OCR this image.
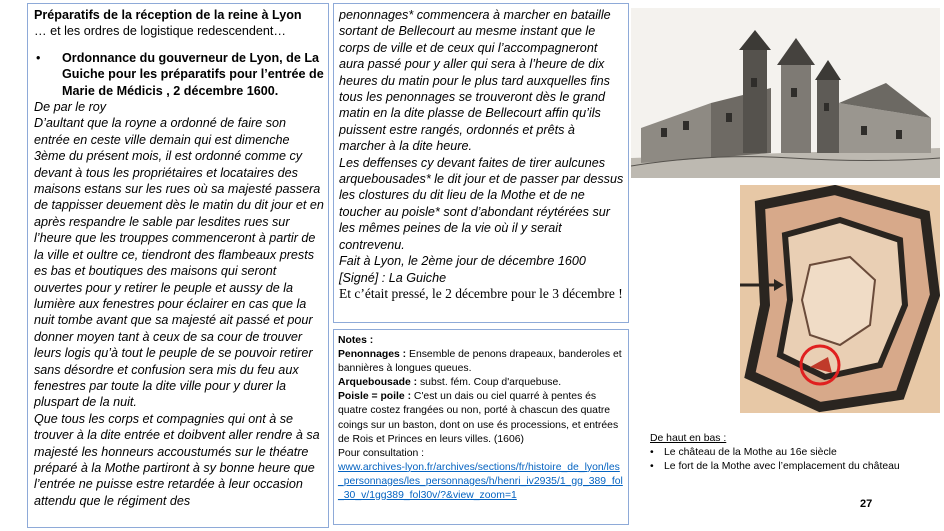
Préparatifs de la réception de la reine à Lyon

… et les ordres de logistique redescendent…

•	Ordonnance du gouverneur de Lyon, de La Guiche pour les préparatifs pour l’entrée de Marie de Médicis , 2 décembre 1600.

De par le roy
D’aultant que la royne a ordonné de faire son entrée en ceste ville demain qui est dimenche 3ème du présent mois, il est ordonné comme cy devant à tous les propriétaires et locataires des maisons estans sur les rues où sa majesté passera de tappisser deuement dès le matin du dit jour et en après respandre le sable par lesdites rues sur l’heure que les trouppes commenceront à partir de la ville et oultre ce, tiendront des flambeaux prests es bas et boutiques des maisons qui seront ouvertes pour y retirer le peuple et aussy de la lumière aux fenestres pour éclairer en cas que la nuit tombe avant que sa majesté ait passé et pour donner moyen tant à ceux de sa cour de trouver leurs logis qu’à tout le peuple de se pouvoir retirer sans désordre et confusion sera mis du feu aux fenestres par toute la dite ville pour y durer la pluspart de la nuit.
Que tous les corps et compagnies qui ont à se trouver à la dite entrée et doibvent aller rendre à sa majesté les honneurs accoustumés sur le théatre préparé à la Mothe partiront à sy bonne heure que l’entrée ne puisse estre retardée à leur occasion attendu que le régiment des

penonnages* commencera à marcher en bataille sortant de Bellecourt au mesme instant que le corps de ville et de ceux qui l’accompagneront aura passé pour y aller qui sera à l’heure de dix heures du matin pour le plus tard auxquelles fins tous les penonnages se trouveront dès le grand matin en la dite plasse de Bellecourt affin qu’ils puissent estre rangés, ordonnés et prêts à marcher à la dite heure.
Les deffenses cy devant faites de tirer aulcunes arquebousades* le dit jour et de passer par dessus les clostures du dit lieu de la Mothe et de ne toucher au poisle* sont d’abondant réytérées sur les mêmes peines de la vie où il y serait contrevenu.
Fait à Lyon, le 2ème jour de décembre 1600
[Signé] : La Guiche

Et c’était pressé, le 2 décembre pour le 3 décembre !

Notes :

Penonnages : Ensemble de penons drapeaux, banderoles et bannières à longues queues.

Arquebousade : subst. fém. Coup d'arquebuse.

Poisle = poile : C'est un dais ou ciel quarré à pentes és quatre costez frangées ou non, porté à chascun des quatre coings sur un baston, dont on use és processions, et entrées de Rois et Princes en leurs villes. (1606)

Pour consultation :

www.archives-lyon.fr/archives/sections/fr/histoire_de_lyon/les_personnages/les_personnages/h/henri_iv2935/1_gg_389_fol_30_v/1gg389_fol30v/?&view_zoom=1

De haut en bas :

• Le château de la Mothe au 16e siècle
• Le fort de la Mothe avec l’emplacement du château
27
